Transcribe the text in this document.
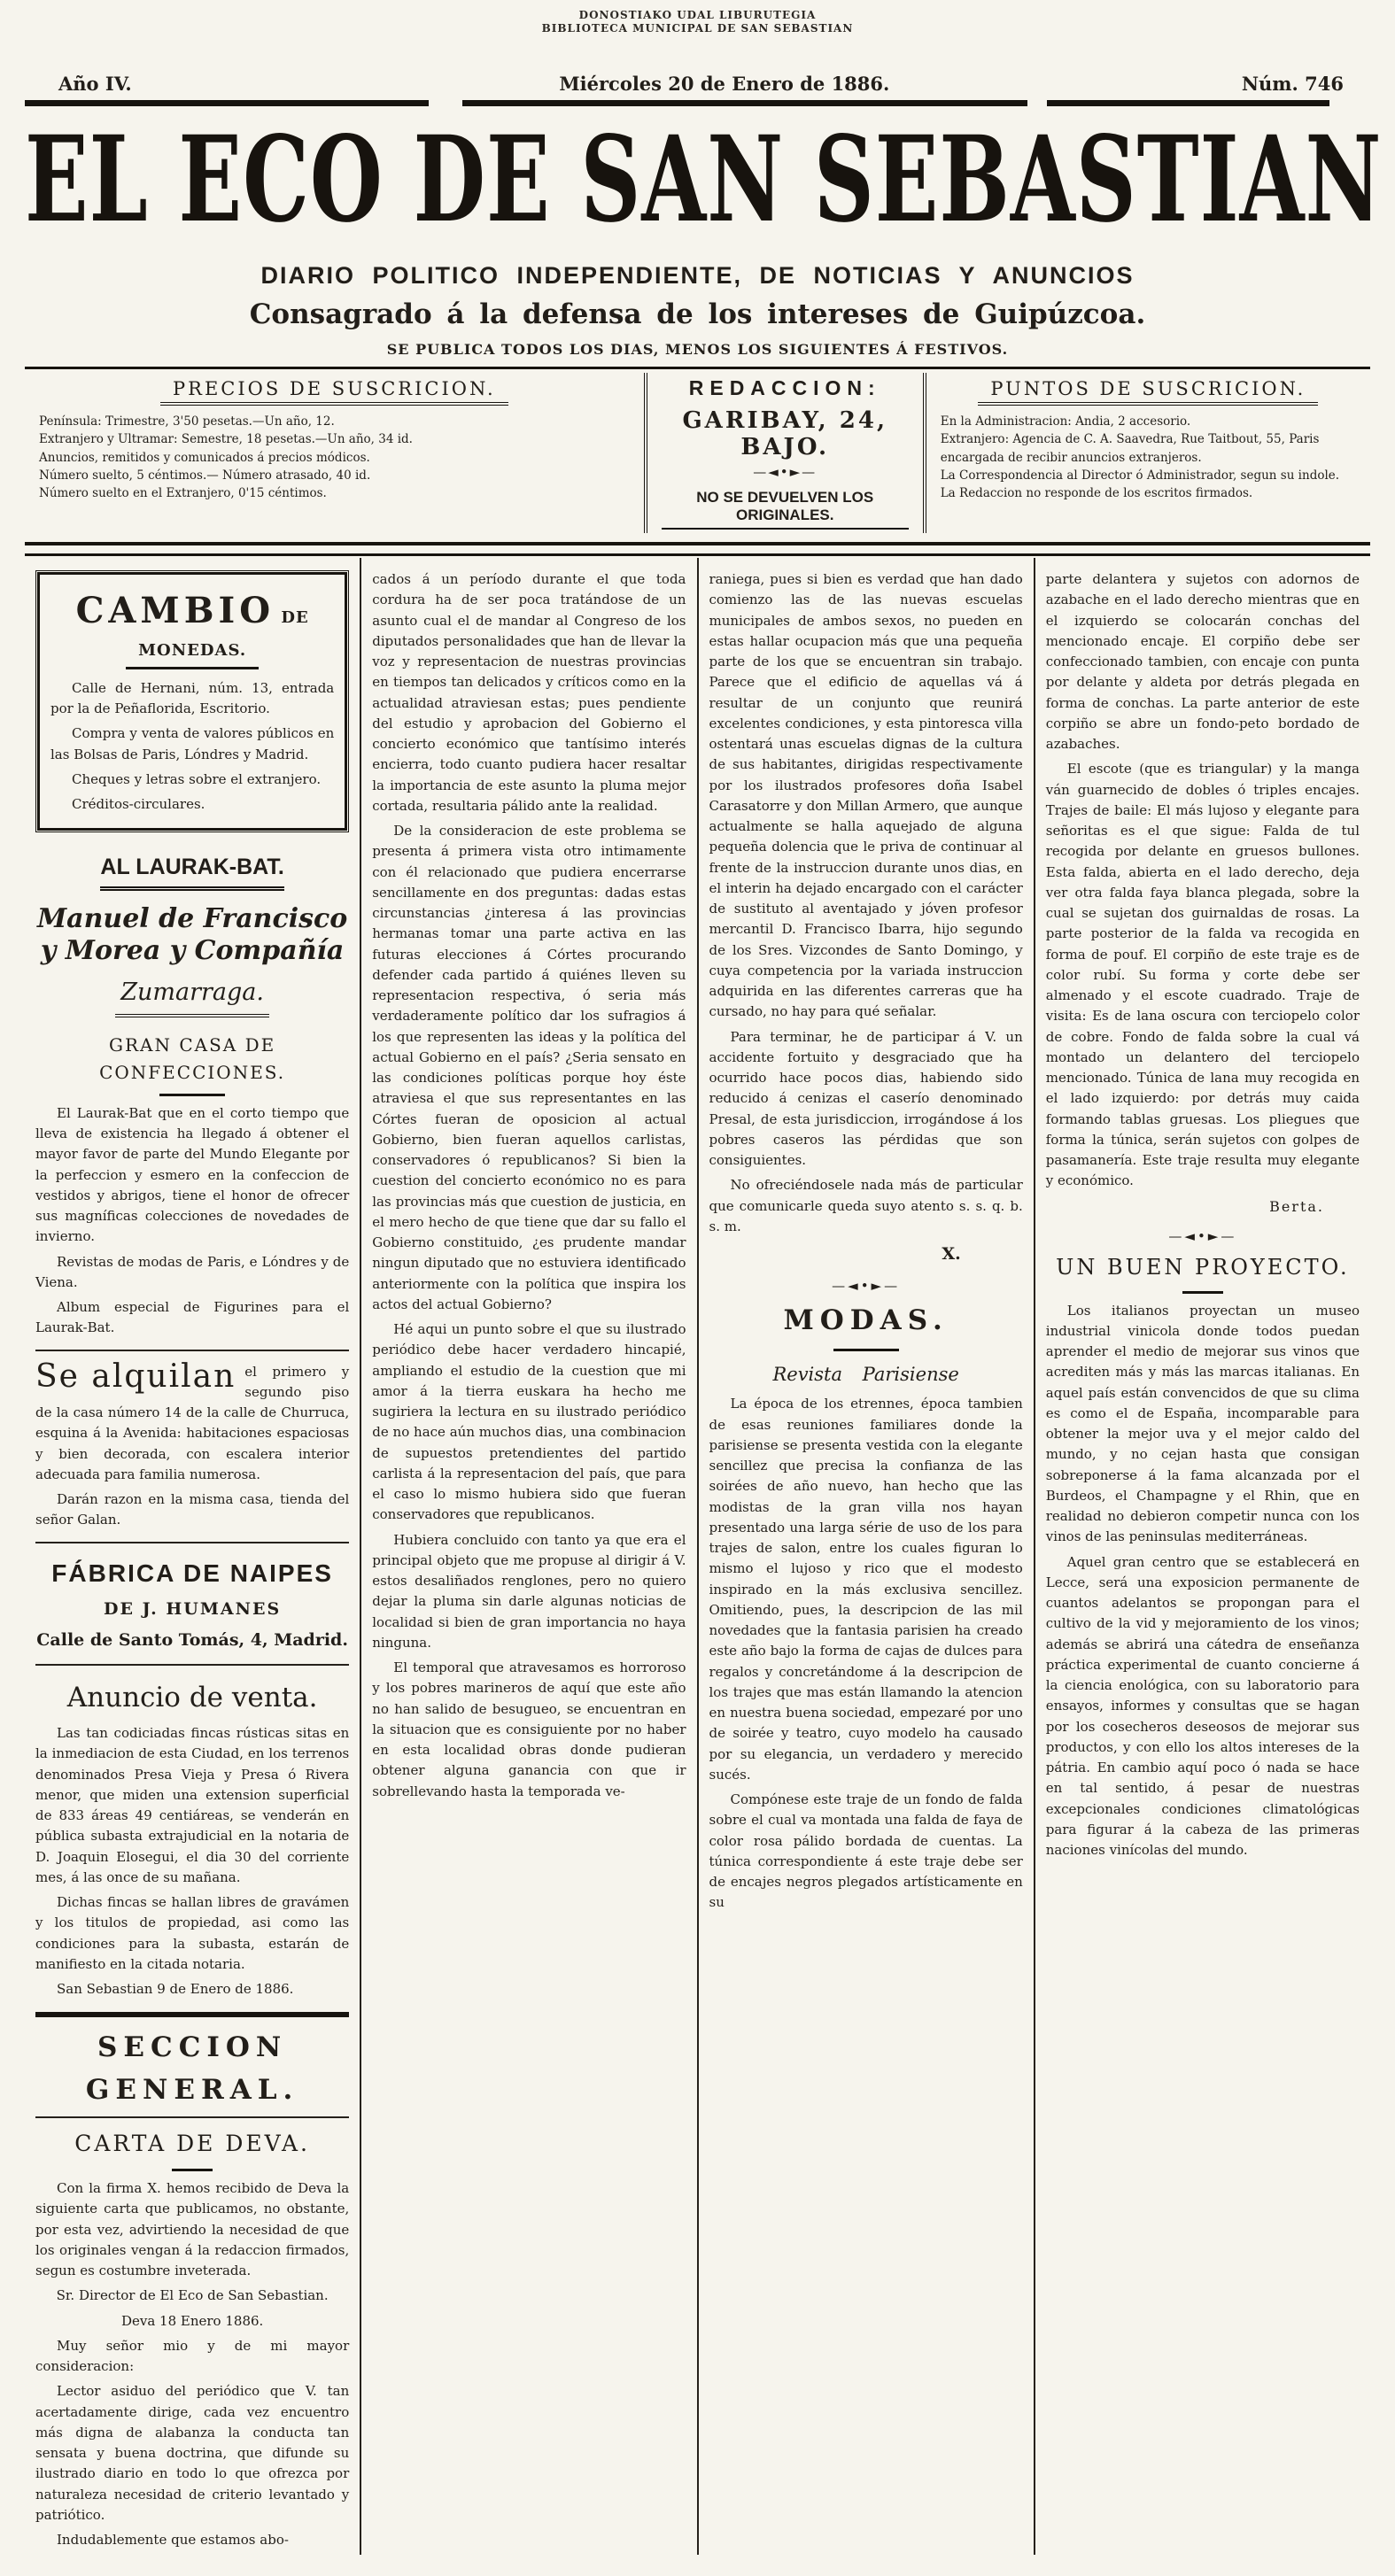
DONOSTIAKO UDAL LIBURUTEGIA
BIBLIOTECA MUNICIPAL DE SAN SEBASTIAN
Año IV.	Miércoles 20 de Enero de 1886.	Núm. 746
EL ECO DE SAN SEBASTIAN
DIARIO POLITICO INDEPENDIENTE, DE NOTICIAS Y ANUNCIOS
Consagrado á la defensa de los intereses de Guipúzcoa.
SE PUBLICA TODOS LOS DIAS, MENOS LOS SIGUIENTES Á FESTIVOS.
PRECIOS DE SUSCRICION.
Península: Trimestre, 3'50 pesetas.—Un año, 12.
Extranjero y Ultramar: Semestre, 18 pesetas.—Un año, 34 id.
Anuncios, remitidos y comunicados á precios módicos.
Número suelto, 5 céntimos.— Número atrasado, 40 id.
Número suelto en el Extranjero, 0'15 céntimos.
REDACCION:
GARIBAY, 24, BAJO.
—◄•►—
NO SE DEVUELVEN LOS ORIGINALES.
PUNTOS DE SUSCRICION.
En la Administracion: Andia, 2 accesorio.
Extranjero: Agencia de C. A. Saavedra, Rue Taitbout, 55, Paris encargada de recibir anuncios extranjeros.
La Correspondencia al Director ó Administrador, segun su indole.
La Redaccion no responde de los escritos firmados.
CAMBIO DE MONEDAS.
Calle de Hernani, núm. 13, entrada por la de Peñaflorida, Escritorio.
Compra y venta de valores públicos en las Bolsas de Paris, Lóndres y Madrid.
Cheques y letras sobre el extranjero.
Créditos-circulares.
AL LAURAK-BAT.
Manuel de Francisco y Morea y Compañía
Zumarraga.
GRAN CASA DE CONFECCIONES.
El Laurak-Bat que en el corto tiempo que lleva de existencia ha llegado á obtener el mayor favor de parte del Mundo Elegante por la perfeccion y esmero en la confeccion de vestidos y abrigos, tiene el honor de ofrecer sus magníficas colecciones de novedades de invierno.
Revistas de modas de Paris, e Lóndres y de Viena.
Album especial de Figurines para el Laurak-Bat.
Se alquilan el primero y segundo piso de la casa número 14 de la calle de Churruca, esquina á la Avenida: habitaciones espaciosas y bien decorada, con escalera interior adecuada para familia numerosa.
Darán razon en la misma casa, tienda del señor Galan.
FÁBRICA DE NAIPES
DE J. HUMANES
Calle de Santo Tomás, 4, Madrid.
Anuncio de venta.
Las tan codiciadas fincas rústicas sitas en la inmediacion de esta Ciudad, en los terrenos denominados Presa Vieja y Presa ó Rivera menor, que miden una extension superficial de 833 áreas 49 centiáreas, se venderán en pública subasta extrajudicial en la notaria de D. Joaquin Elosegui, el dia 30 del corriente mes, á las once de su mañana.
Dichas fincas se hallan libres de gravámen y los titulos de propiedad, asi como las condiciones para la subasta, estarán de manifiesto en la citada notaria.
San Sebastian 9 de Enero de 1886.
SECCION GENERAL.
CARTA DE DEVA.
Con la firma X. hemos recibido de Deva la siguiente carta que publicamos, no obstante, por esta vez, advirtiendo la necesidad de que los originales vengan á la redaccion firmados, segun es costumbre inveterada.
Sr. Director de El Eco de San Sebastian.
Deva 18 Enero 1886.
Muy señor mio y de mi mayor consideracion:
Lector asiduo del periódico que V. tan acertadamente dirige, cada vez encuentro más digna de alabanza la conducta tan sensata y buena doctrina, que difunde su ilustrado diario en todo lo que ofrezca por naturaleza necesidad de criterio levantado y patriótico.
Indudablemente que estamos abo-
cados á un período durante el que toda cordura ha de ser poca tratándose de un asunto cual el de mandar al Congreso de los diputados personalidades que han de llevar la voz y representacion de nuestras provincias en tiempos tan delicados y críticos como en la actualidad atraviesan estas; pues pendiente del estudio y aprobacion del Gobierno el concierto económico que tantísimo interés encierra, todo cuanto pudiera hacer resaltar la importancia de este asunto la pluma mejor cortada, resultaria pálido ante la realidad.
De la consideracion de este problema se presenta á primera vista otro intimamente con él relacionado que pudiera encerrarse sencillamente en dos preguntas: dadas estas circunstancias ¿interesa á las provincias hermanas tomar una parte activa en las futuras elecciones á Córtes procurando defender cada partido á quiénes lleven su representacion respectiva, ó seria más verdaderamente político dar los sufragios á los que representen las ideas y la política del actual Gobierno en el país? ¿Seria sensato en las condiciones políticas porque hoy éste atraviesa el que sus representantes en las Córtes fueran de oposicion al actual Gobierno, bien fueran aquellos carlistas, conservadores ó republicanos? Si bien la cuestion del concierto económico no es para las provincias más que cuestion de justicia, en el mero hecho de que tiene que dar su fallo el Gobierno constituido, ¿es prudente mandar ningun diputado que no estuviera identificado anteriormente con la política que inspira los actos del actual Gobierno?
Hé aqui un punto sobre el que su ilustrado periódico debe hacer verdadero hincapié, ampliando el estudio de la cuestion que mi amor á la tierra euskara ha hecho me sugiriera la lectura en su ilustrado periódico de no hace aún muchos dias, una combinacion de supuestos pretendientes del partido carlista á la representacion del país, que para el caso lo mismo hubiera sido que fueran conservadores que republicanos.
Hubiera concluido con tanto ya que era el principal objeto que me propuse al dirigir á V. estos desaliñados renglones, pero no quiero dejar la pluma sin darle algunas noticias de localidad si bien de gran importancia no haya ninguna.
El temporal que atravesamos es horroroso y los pobres marineros de aquí que este año no han salido de besugueo, se encuentran en la situacion que es consiguiente por no haber en esta localidad obras donde pudieran obtener alguna ganancia con que ir sobrellevando hasta la temporada ve-
raniega, pues si bien es verdad que han dado comienzo las de las nuevas escuelas municipales de ambos sexos, no pueden en estas hallar ocupacion más que una pequeña parte de los que se encuentran sin trabajo. Parece que el edificio de aquellas vá á resultar de un conjunto que reunirá excelentes condiciones, y esta pintoresca villa ostentará unas escuelas dignas de la cultura de sus habitantes, dirigidas respectivamente por los ilustrados profesores doña Isabel Carasatorre y don Millan Armero, que aunque actualmente se halla aquejado de alguna pequeña dolencia que le priva de continuar al frente de la instruccion durante unos dias, en el interin ha dejado encargado con el carácter de sustituto al aventajado y jóven profesor mercantil D. Francisco Ibarra, hijo segundo de los Sres. Vizcondes de Santo Domingo, y cuya competencia por la variada instruccion adquirida en las diferentes carreras que ha cursado, no hay para qué señalar.
Para terminar, he de participar á V. un accidente fortuito y desgraciado que ha ocurrido hace pocos dias, habiendo sido reducido á cenizas el caserío denominado Presal, de esta jurisdiccion, irrogándose á los pobres caseros las pérdidas que son consiguientes.
No ofreciéndosele nada más de particular que comunicarle queda suyo atento s. s. q. b. s. m.
X.
—◄•►—
MODAS.
Revista Parisiense
La época de los etrennes, época tambien de esas reuniones familiares donde la parisiense se presenta vestida con la elegante sencillez que precisa la confianza de las soirées de año nuevo, han hecho que las modistas de la gran villa nos hayan presentado una larga série de uso de los para trajes de salon, entre los cuales figuran lo mismo el lujoso y rico que el modesto inspirado en la más exclusiva sencillez. Omitiendo, pues, la descripcion de las mil novedades que la fantasia parisien ha creado este año bajo la forma de cajas de dulces para regalos y concretándome á la descripcion de los trajes que mas están llamando la atencion en nuestra buena sociedad, empezaré por uno de soirée y teatro, cuyo modelo ha causado por su elegancia, un verdadero y merecido sucés.
Compónese este traje de un fondo de falda sobre el cual va montada una falda de faya de color rosa pálido bordada de cuentas. La túnica correspondiente á este traje debe ser de encajes negros plegados artísticamente en su
parte delantera y sujetos con adornos de azabache en el lado derecho mientras que en el izquierdo se colocarán conchas del mencionado encaje. El corpiño debe ser confeccionado tambien, con encaje con punta por delante y aldeta por detrás plegada en forma de conchas. La parte anterior de este corpiño se abre un fondo-peto bordado de azabaches.
El escote (que es triangular) y la manga ván guarnecido de dobles ó triples encajes. Trajes de baile: El más lujoso y elegante para señoritas es el que sigue: Falda de tul recogida por delante en gruesos bullones. Esta falda, abierta en el lado derecho, deja ver otra falda faya blanca plegada, sobre la cual se sujetan dos guirnaldas de rosas. La parte posterior de la falda va recogida en forma de pouf. El corpiño de este traje es de color rubí. Su forma y corte debe ser almenado y el escote cuadrado. Traje de visita: Es de lana oscura con terciopelo color de cobre. Fondo de falda sobre la cual vá montado un delantero del terciopelo mencionado. Túnica de lana muy recogida en el lado izquierdo: por detrás muy caida formando tablas gruesas. Los pliegues que forma la túnica, serán sujetos con golpes de pasamanería. Este traje resulta muy elegante y económico.
Berta.
—◄•►—
UN BUEN PROYECTO.
Los italianos proyectan un museo industrial vinicola donde todos puedan aprender el medio de mejorar sus vinos que acrediten más y más las marcas italianas. En aquel país están convencidos de que su clima es como el de España, incomparable para obtener la mejor uva y el mejor caldo del mundo, y no cejan hasta que consigan sobreponerse á la fama alcanzada por el Burdeos, el Champagne y el Rhin, que en realidad no debieron competir nunca con los vinos de las peninsulas mediterráneas.
Aquel gran centro que se establecerá en Lecce, será una exposicion permanente de cuantos adelantos se propongan para el cultivo de la vid y mejoramiento de los vinos; además se abrirá una cátedra de enseñanza práctica experimental de cuanto concierne á la ciencia enológica, con su laboratorio para ensayos, informes y consultas que se hagan por los cosecheros deseosos de mejorar sus productos, y con ello los altos intereses de la pátria. En cambio aquí poco ó nada se hace en tal sentido, á pesar de nuestras excepcionales condiciones climatológicas para figurar á la cabeza de las primeras naciones vinícolas del mundo.
